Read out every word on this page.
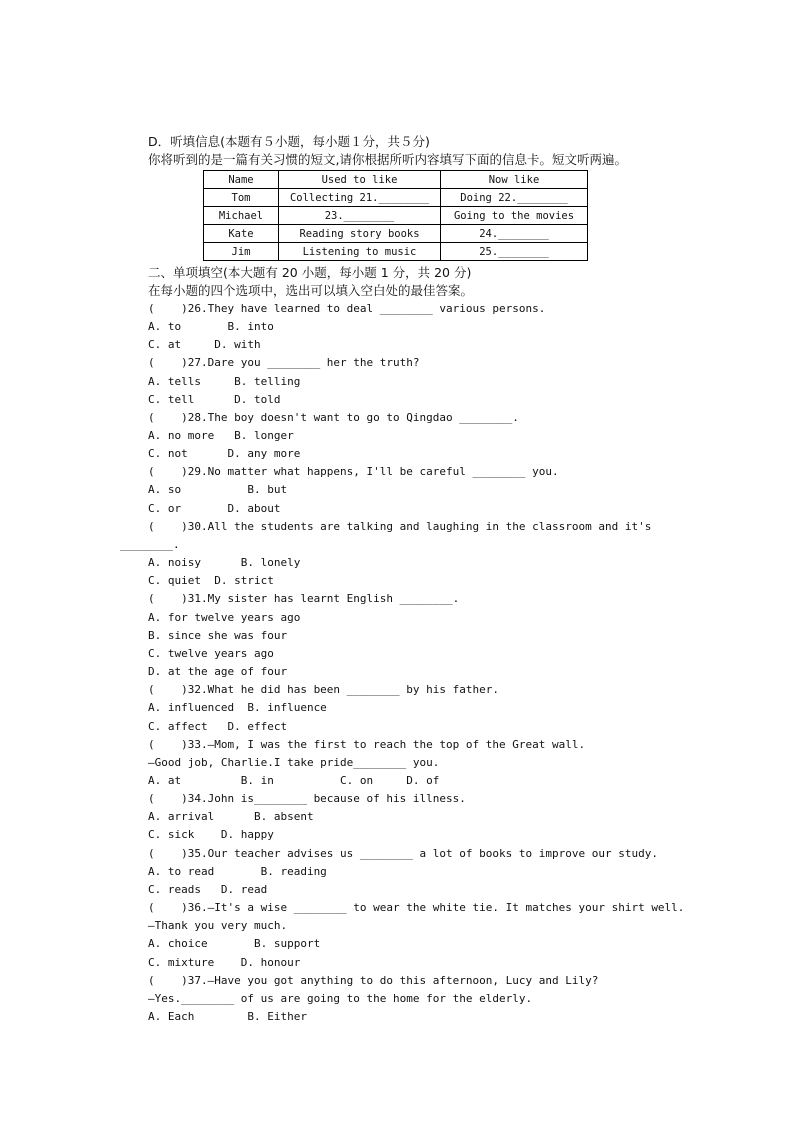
D．听填信息(本题有５小题，每小题１分，共５分)
你将听到的是一篇有关习惯的短文,请你根据所听内容填写下面的信息卡。短文听两遍。
Name	Used to like	Now like
Tom	Collecting 21.________	Doing 22.________
Michael	23.________	Going to the movies
Kate	Reading story books	24.________
Jim	Listening to music	25.________
二、单项填空(本大题有 20 小题，每小题 1 分，共 20 分)
在每小题的四个选项中，选出可以填入空白处的最佳答案。
(    )26.They have learned to deal ________ various persons.
A. to       B. into
C. at     D. with
(    )27.Dare you ________ her the truth?
A. tells     B. telling
C. tell      D. told
(    )28.The boy doesn't want to go to Qingdao ________.
A. no more   B. longer
C. not      D. any more
(    )29.No matter what happens, I'll be careful ________ you.
A. so          B. but
C. or       D. about
(    )30.All the students are talking and laughing in the classroom and it's
________.
A. noisy      B. lonely
C. quiet  D. strict
(    )31.My sister has learnt English ________.
A. for twelve years ago
B. since she was four
C. twelve years ago
D. at the age of four
(    )32.What he did has been ________ by his father.
A. influenced  B. influence
C. affect   D. effect
(    )33.—Mom, I was the first to reach the top of the Great wall.
—Good job, Charlie.I take pride________ you.
A. at         B. in          C. on     D. of
(    )34.John is________ because of his illness.
A. arrival      B. absent
C. sick    D. happy
(    )35.Our teacher advises us ________ a lot of books to improve our study.
A. to read       B. reading
C. reads   D. read
(    )36.—It's a wise ________ to wear the white tie. It matches your shirt well.
—Thank you very much.
A. choice       B. support
C. mixture    D. honour
(    )37.—Have you got anything to do this afternoon, Lucy and Lily?
—Yes.________ of us are going to the home for the elderly.
A. Each        B. Either
